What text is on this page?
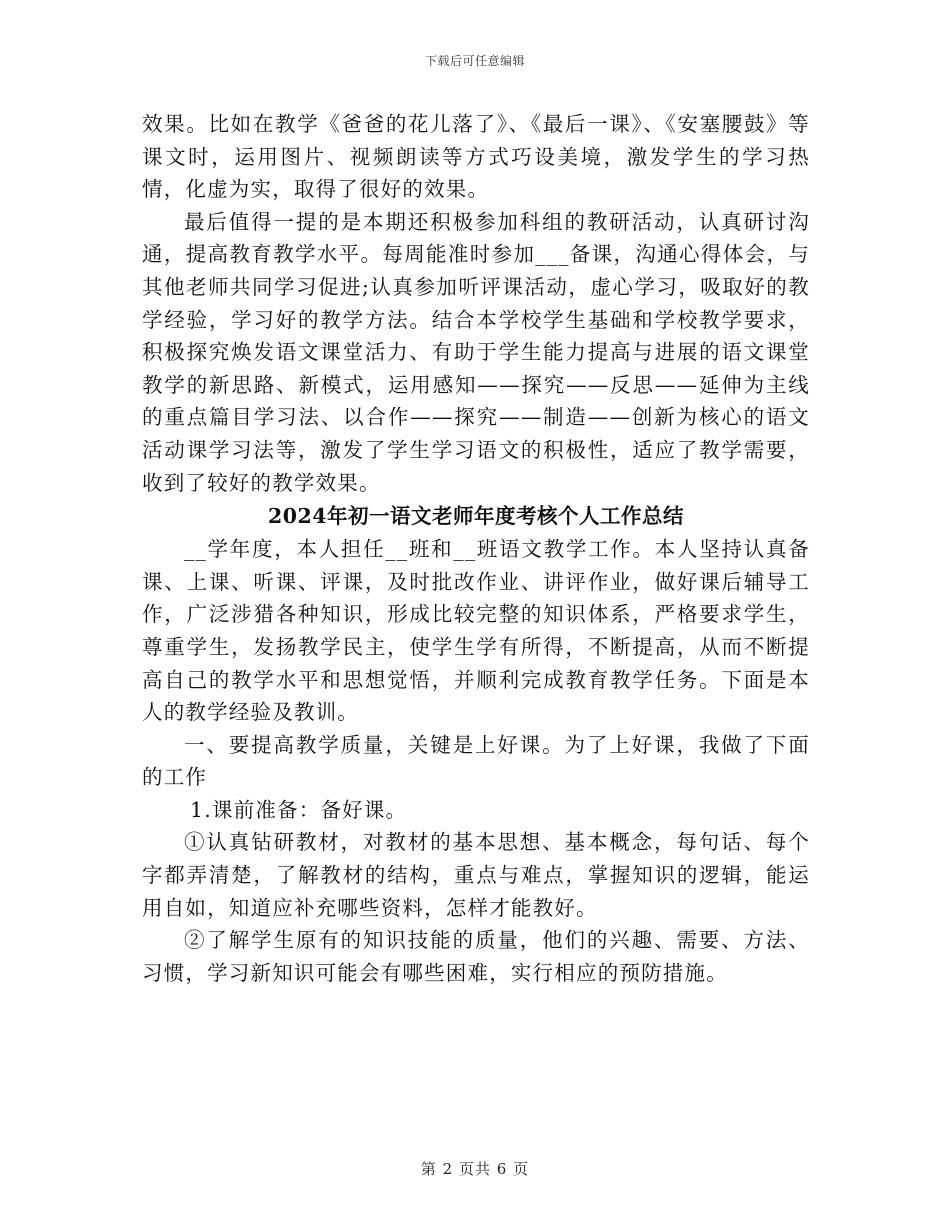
下载后可任意编辑

效果。比如在教学《爸爸的花儿落了》、《最后一课》、《安塞腰鼓》等课文时，运用图片、视频朗读等方式巧设美境，激发学生的学习热情，化虚为实，取得了很好的效果。

最后值得一提的是本期还积极参加科组的教研活动，认真研讨沟通，提高教育教学水平。每周能准时参加___备课，沟通心得体会，与其他老师共同学习促进;认真参加听评课活动，虚心学习，吸取好的教学经验，学习好的教学方法。结合本学校学生基础和学校教学要求，积极探究焕发语文课堂活力、有助于学生能力提高与进展的语文课堂教学的新思路、新模式，运用感知——探究——反思——延伸为主线的重点篇目学习法、以合作——探究——制造——创新为核心的语文活动课学习法等，激发了学生学习语文的积极性，适应了教学需要，收到了较好的教学效果。

2024年初一语文老师年度考核个人工作总结

__学年度，本人担任__班和__班语文教学工作。本人坚持认真备课、上课、听课、评课，及时批改作业、讲评作业，做好课后辅导工作，广泛涉猎各种知识，形成比较完整的知识体系，严格要求学生，尊重学生，发扬教学民主，使学生学有所得，不断提高，从而不断提高自己的教学水平和思想觉悟，并顺利完成教育教学任务。下面是本人的教学经验及教训。

一、要提高教学质量，关键是上好课。为了上好课，我做了下面的工作

1.课前准备：备好课。

①认真钻研教材，对教材的基本思想、基本概念，每句话、每个字都弄清楚，了解教材的结构，重点与难点，掌握知识的逻辑，能运用自如，知道应补充哪些资料，怎样才能教好。

②了解学生原有的知识技能的质量，他们的兴趣、需要、方法、习惯，学习新知识可能会有哪些困难，实行相应的预防措施。

第 2 页共 6 页
